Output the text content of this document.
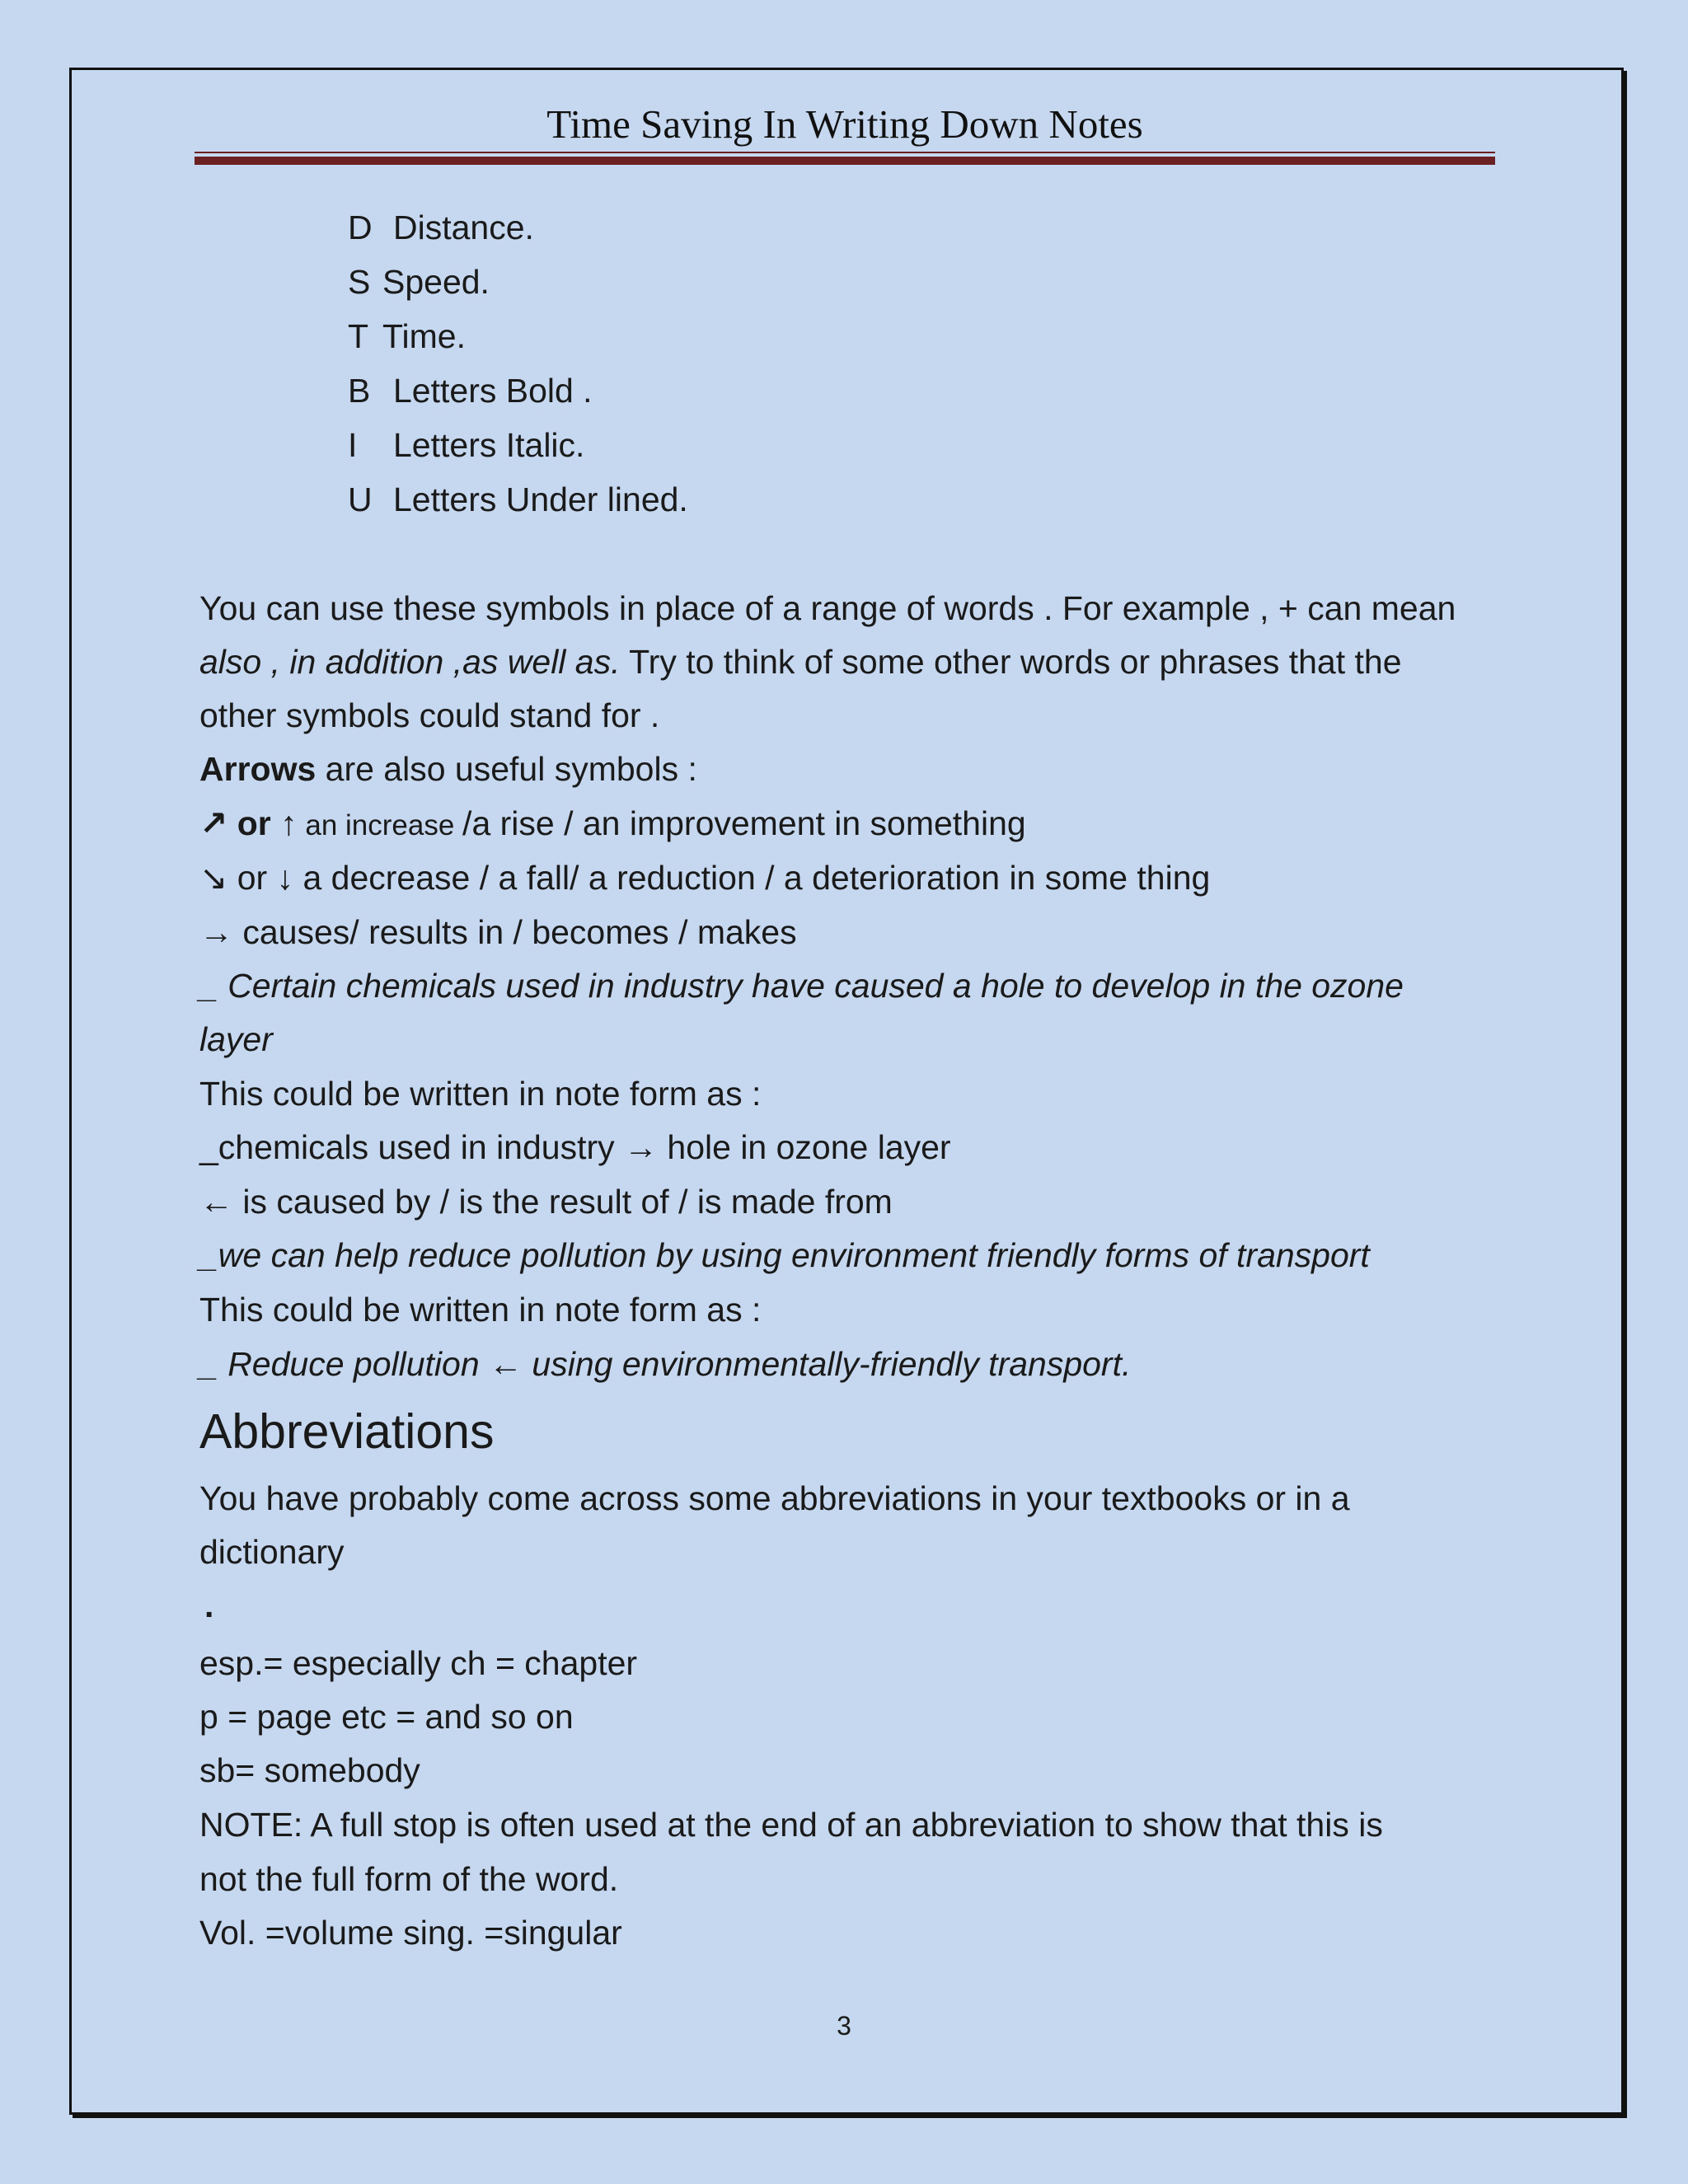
Time Saving In Writing Down Notes
D Distance.
S Speed.
T Time.
B Letters Bold .
I Letters Italic.
U Letters Under lined.
You can use these symbols in place of a range of words . For example , + can mean
also , in addition ,as well as. Try to think of some other words or phrases that the
other symbols could stand for .
Arrows are also useful symbols :
↗ or ↑ an increase /a rise / an improvement in something
↘ or ↓ a decrease / a fall/ a reduction / a deterioration in some thing
→ causes/ results in / becomes / makes
_ Certain chemicals used in industry have caused a hole to develop in the ozone
layer
This could be written in note form as :
_chemicals used in industry → hole in ozone layer
← is caused by / is the result of / is made from
_we can help reduce pollution by using environment friendly forms of transport
This could be written in note form as :
_ Reduce pollution ← using environmentally-friendly transport.
Abbreviations
You have probably come across some abbreviations in your textbooks or in a
dictionary
.
esp.= especially ch = chapter
p = page etc = and so on
sb= somebody
NOTE: A full stop is often used at the end of an abbreviation to show that this is
not the full form of the word.
Vol. =volume sing. =singular
3
